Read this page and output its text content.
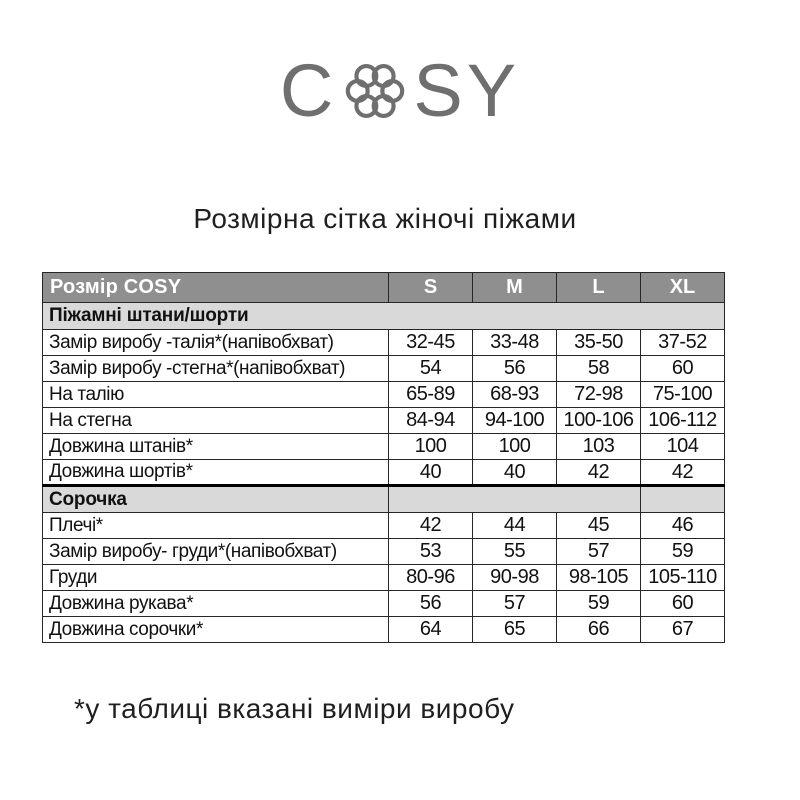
C SY
Розмірна сітка жіночі піжами
Розмір COSY	S	M	L	XL
Піжамні штани/шорти				
Замір виробу -талія*(напівобхват)	32-45	33-48	35-50	37-52
Замір виробу -стегна*(напівобхват)	54	56	58	60
На талію	65-89	68-93	72-98	75-100
На стегна	84-94	94-100	100-106	106-112
Довжина штанів*	100	100	103	104
Довжина шортів*	40	40	42	42
Сорочка				
Плечі*	42	44	45	46
Замір виробу- груди*(напівобхват)	53	55	57	59
Груди	80-96	90-98	98-105	105-110
Довжина рукава*	56	57	59	60
Довжина сорочки*	64	65	66	67
*у таблиці вказані виміри виробу
